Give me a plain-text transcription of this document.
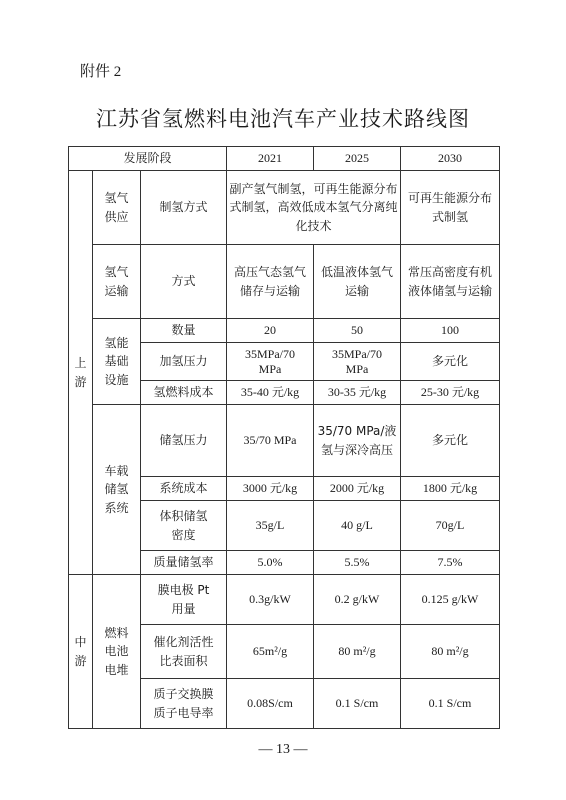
附件 2
江苏省氢燃料电池汽车产业技术路线图
发展阶段			2021	2025	2030

上游	氢气供应	制氢方式	副产氢气制氢，可再生能源分布式制氢，高效低成本氢气分离纯化技术		可再生能源分布式制氢

	氢气运输	方式	高压气态氢气储存与运输	低温液体氢气运输	常压高密度有机液体储氢与运输

	氢能基础设施	数量	20	50	100
		加氢压力	35MPa/70 MPa	35MPa/70 MPa	多元化
		氢燃料成本	35-40 元/kg	30-35 元/kg	25-30 元/kg

	车载储氢系统	储氢压力	35/70 MPa	35/70 MPa/液氢与深冷高压	多元化
		系统成本	3000 元/kg	2000 元/kg	1800 元/kg

		体积储氢密度	35g/L	40 g/L	70g/L
		质量储氢率	5.0%	5.5%	7.5%

中游	燃料电池电堆	膜电极 Pt 用量	0.3g/kW	0.2 g/kW	0.125 g/kW

		催化剂活性比表面积	65m²/g	80 m²/g	80 m²/g

		质子交换膜质子电导率	0.08S/cm	0.1 S/cm	0.1 S/cm
— 13 —
